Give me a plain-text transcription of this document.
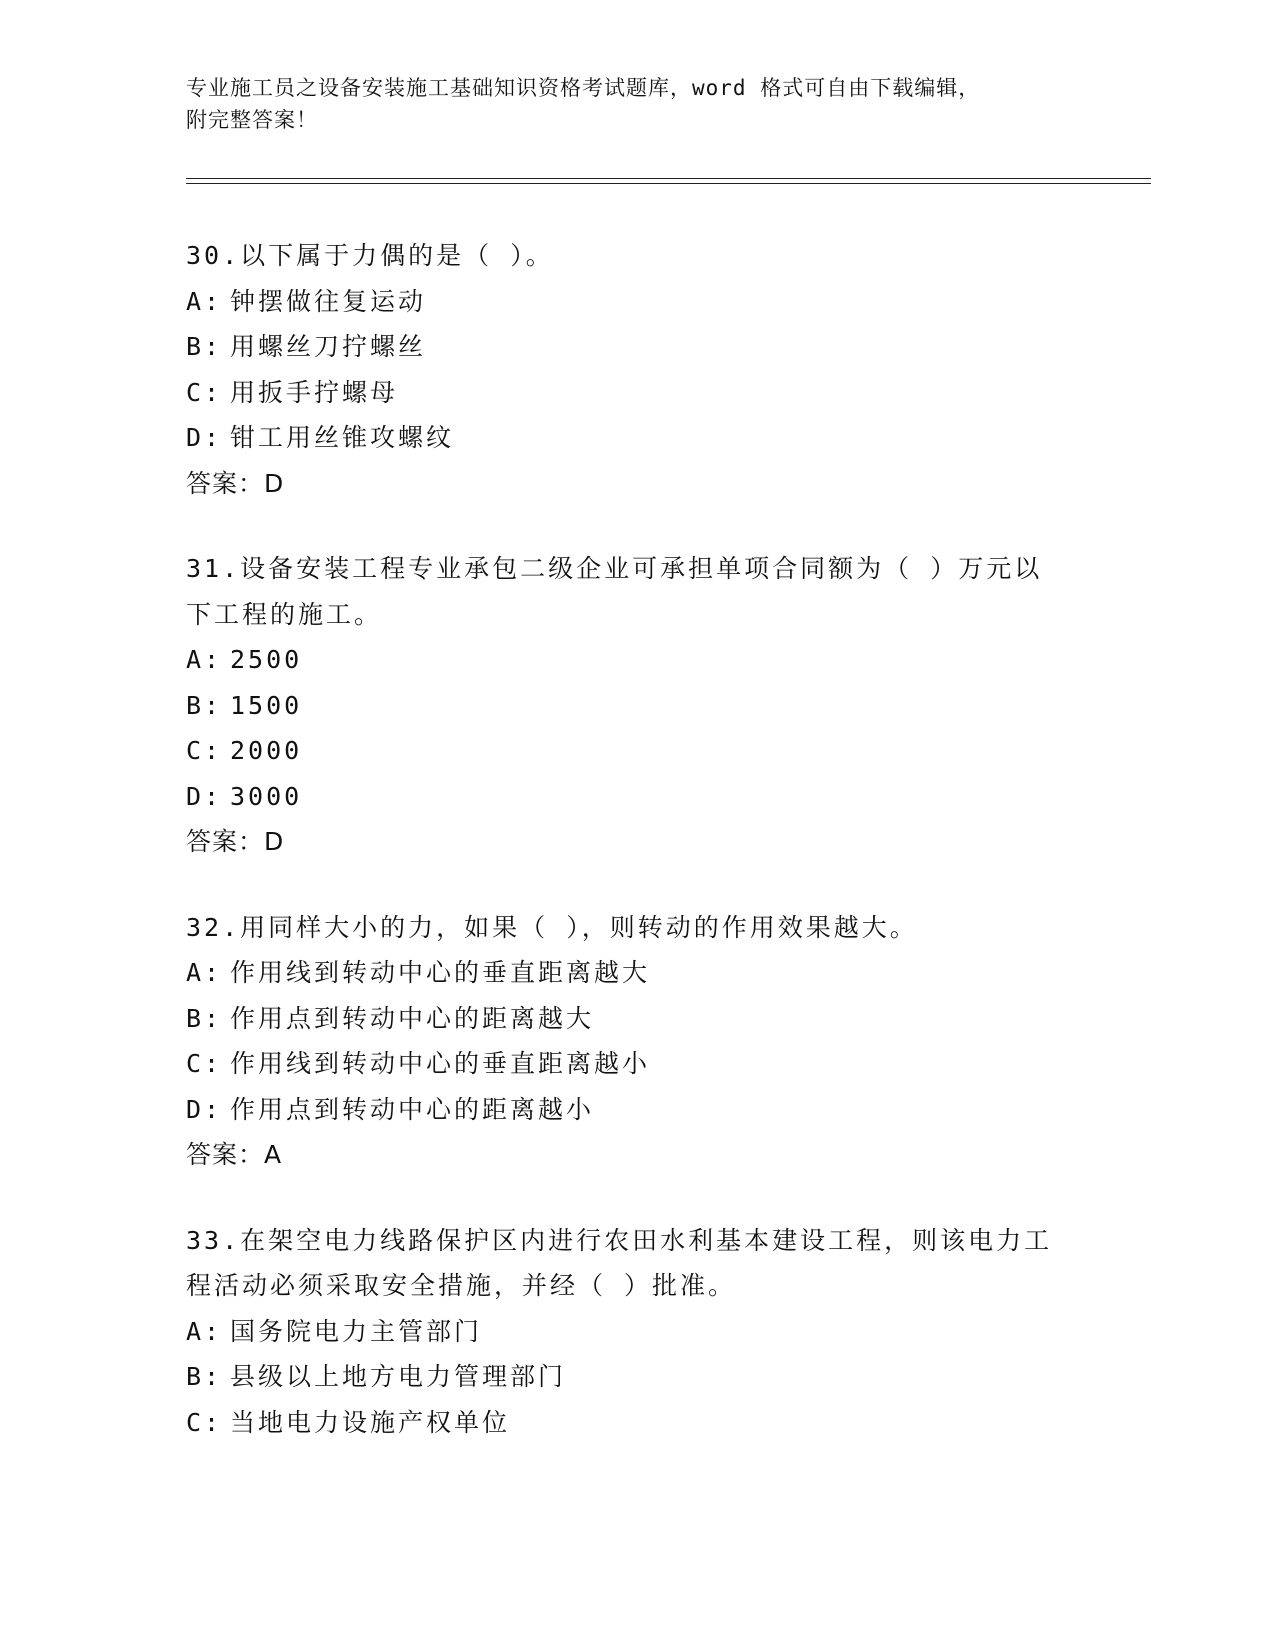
专业施工员之设备安装施工基础知识资格考试题库，word 格式可自由下载编辑，
附完整答案！
30.以下属于力偶的是（ ）。
A: 钟摆做往复运动
B: 用螺丝刀拧螺丝
C: 用扳手拧螺母
D: 钳工用丝锥攻螺纹
答案：D
31.设备安装工程专业承包二级企业可承担单项合同额为（ ）万元以
下工程的施工。
A: 2500
B: 1500
C: 2000
D: 3000
答案：D
32.用同样大小的力，如果（ ），则转动的作用效果越大。
A: 作用线到转动中心的垂直距离越大
B: 作用点到转动中心的距离越大
C: 作用线到转动中心的垂直距离越小
D: 作用点到转动中心的距离越小
答案：A
33.在架空电力线路保护区内进行农田水利基本建设工程，则该电力工
程活动必须采取安全措施，并经（ ）批准。
A: 国务院电力主管部门
B: 县级以上地方电力管理部门
C: 当地电力设施产权单位
